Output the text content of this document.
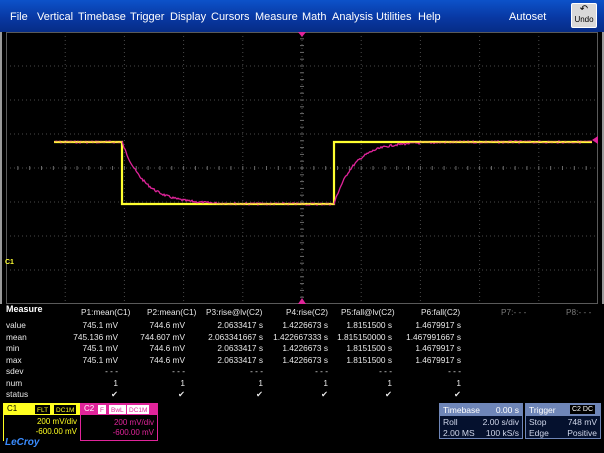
File Vertical Timebase Trigger Display Cursors Measure Math Analysis Utilities Help	Autoset
↶
Undo
C1
Measure	P1:mean(C1) P2:mean(C1) P3:rise@lv(C2)	P4:rise(C2) P5:fall@lv(C2)	P6:fall(C2)	P7:- - -	P8:- - -
value	745.1 mV	744.6 mV	2.0633417 s	1.4226673 s	1.8151500 s	1.4679917 s
mean	745.136 mV	744.607 mV	2.063341667 s	1.422667333 s	1.815150000 s	1.467991667 s
min	745.1 mV	744.6 mV	2.0633417 s	1.4226673 s	1.8151500 s	1.4679917 s
max	745.1 mV	744.6 mV	2.0633417 s	1.4226673 s	1.8151500 s	1.4679917 s
sdev	- - -	- - -	- - -	- - -	- - -	- - -
num	1	1	1	1	1	1
status	✔	✔	✔	✔	✔	✔
C1	FLT	DC1M
200 mV/div
-600.00 mV
C2 F	BwL DC1M
200 mV/div
-600.00 mV
Timebase 0.00 s
Roll	2.00 s/div
2.00 MS 100 kS/s
Trigger C2 DC
Stop 748 mV
Edge Positive
LeCroy
